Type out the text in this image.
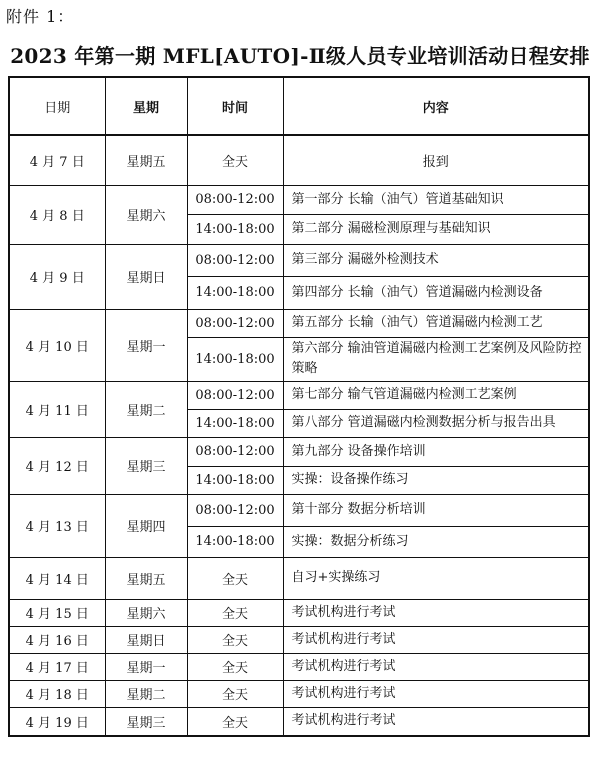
附件 1：
2023 年第一期 MFL[AUTO]-Ⅱ级人员专业培训活动日程安排
日期	星期	时间	内容
4 月 7 日	星期五	全天	报到
4 月 8 日	星期六	08:00-12:00	第一部分 长输（油气）管道基础知识
		14:00-18:00	第二部分 漏磁检测原理与基础知识
4 月 9 日	星期日	08:00-12:00	第三部分 漏磁外检测技术
		14:00-18:00	第四部分 长输（油气）管道漏磁内检测设备
4 月 10 日	星期一	08:00-12:00	第五部分 长输（油气）管道漏磁内检测工艺
		14:00-18:00	第六部分 输油管道漏磁内检测工艺案例及风险防控策略
4 月 11 日	星期二	08:00-12:00	第七部分 输气管道漏磁内检测工艺案例
		14:00-18:00	第八部分 管道漏磁内检测数据分析与报告出具
4 月 12 日	星期三	08:00-12:00	第九部分 设备操作培训
		14:00-18:00	实操：设备操作练习
4 月 13 日	星期四	08:00-12:00	第十部分 数据分析培训
		14:00-18:00	实操：数据分析练习
4 月 14 日	星期五	全天	自习+实操练习
4 月 15 日	星期六	全天	考试机构进行考试
4 月 16 日	星期日	全天	考试机构进行考试
4 月 17 日	星期一	全天	考试机构进行考试
4 月 18 日	星期二	全天	考试机构进行考试
4 月 19 日	星期三	全天	考试机构进行考试
